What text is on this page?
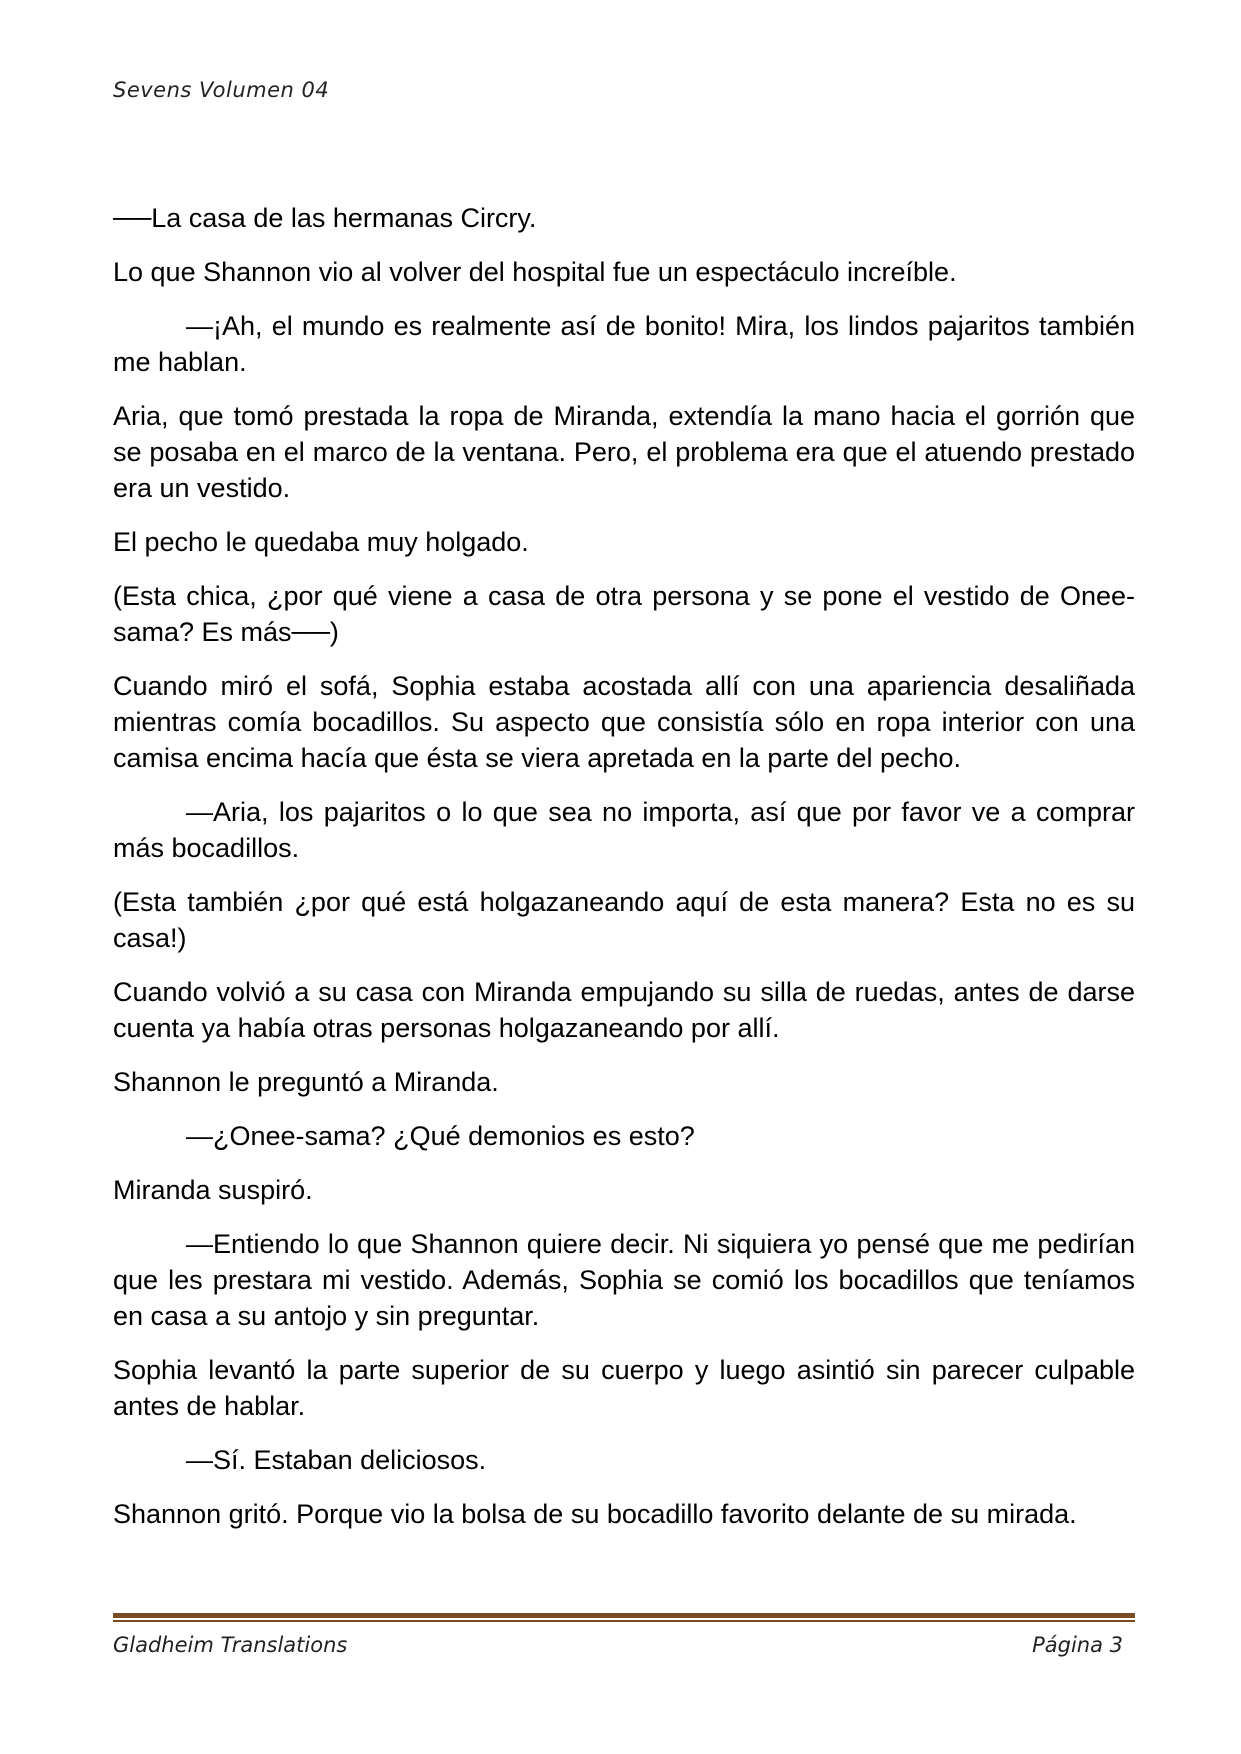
Sevens Volumen 04

──La casa de las hermanas Circry.

Lo que Shannon vio al volver del hospital fue un espectáculo increíble.

—¡Ah, el mundo es realmente así de bonito! Mira, los lindos pajaritos también me hablan.

Aria, que tomó prestada la ropa de Miranda, extendía la mano hacia el gorrión que se posaba en el marco de la ventana. Pero, el problema era que el atuendo prestado era un vestido.

El pecho le quedaba muy holgado.

(Esta chica, ¿por qué viene a casa de otra persona y se pone el vestido de Onee-sama? Es más──)

Cuando miró el sofá, Sophia estaba acostada allí con una apariencia desaliñada mientras comía bocadillos. Su aspecto que consistía sólo en ropa interior con una camisa encima hacía que ésta se viera apretada en la parte del pecho.

—Aria, los pajaritos o lo que sea no importa, así que por favor ve a comprar más bocadillos.

(Esta también ¿por qué está holgazaneando aquí de esta manera? Esta no es su casa!)

Cuando volvió a su casa con Miranda empujando su silla de ruedas, antes de darse cuenta ya había otras personas holgazaneando por allí.

Shannon le preguntó a Miranda.

—¿Onee-sama? ¿Qué demonios es esto?

Miranda suspiró.

—Entiendo lo que Shannon quiere decir. Ni siquiera yo pensé que me pedirían que les prestara mi vestido. Además, Sophia se comió los bocadillos que teníamos en casa a su antojo y sin preguntar.

Sophia levantó la parte superior de su cuerpo y luego asintió sin parecer culpable antes de hablar.

—Sí. Estaban deliciosos.

Shannon gritó. Porque vio la bolsa de su bocadillo favorito delante de su mirada.

Gladheim Translations	Página 3
